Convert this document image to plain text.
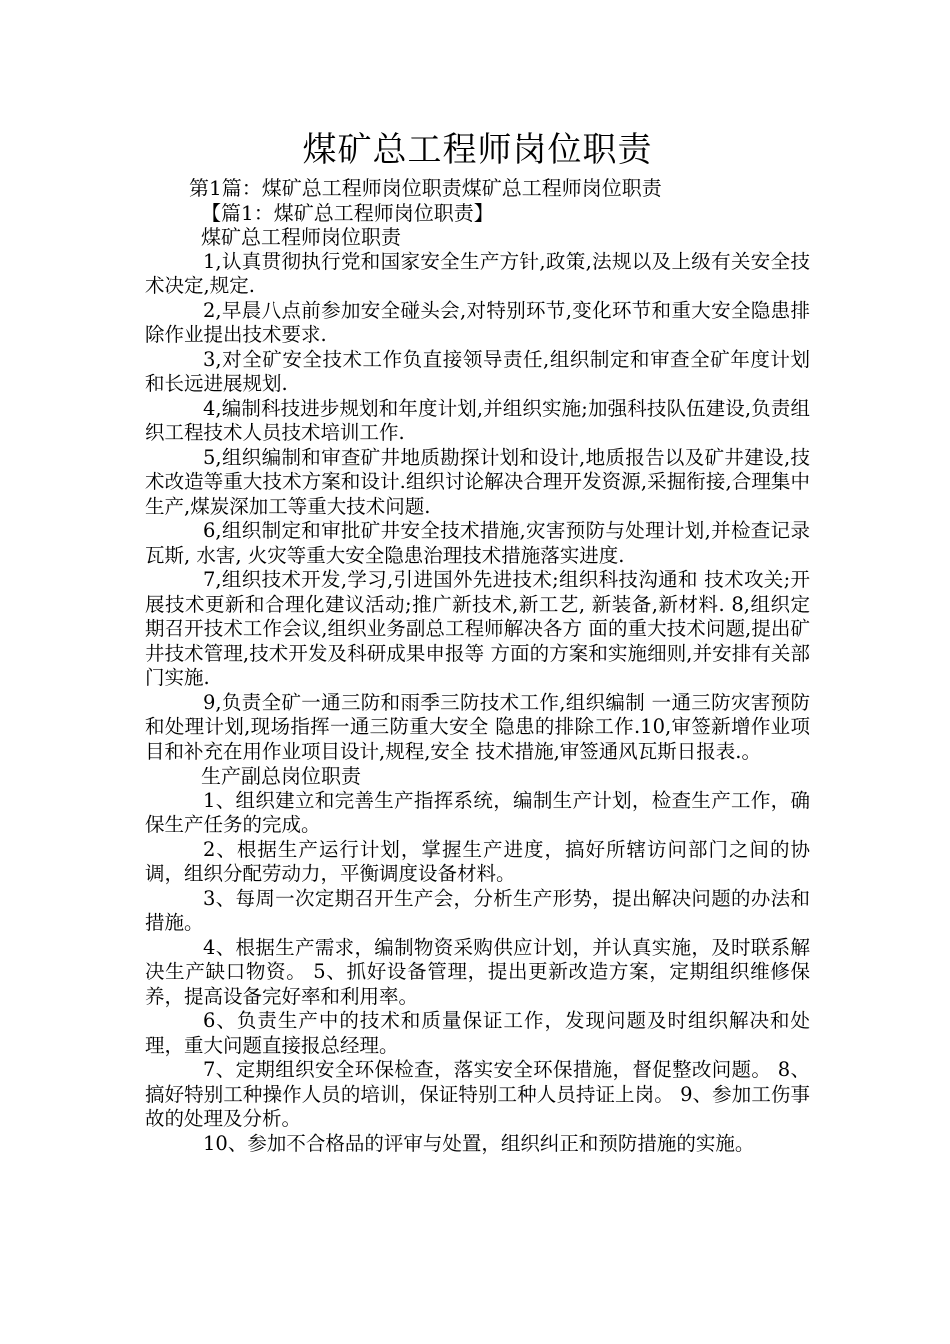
煤矿总工程师岗位职责

第1篇：煤矿总工程师岗位职责煤矿总工程师岗位职责

【篇1：煤矿总工程师岗位职责】

煤矿总工程师岗位职责

1,认真贯彻执行党和国家安全生产方针,政策,法规以及上级有关安全技术决定,规定.

2,早晨八点前参加安全碰头会,对特别环节,变化环节和重大安全隐患排除作业提出技术要求.

3,对全矿安全技术工作负直接领导责任,组织制定和审查全矿年度计划和长远进展规划.

4,编制科技进步规划和年度计划,并组织实施;加强科技队伍建设,负责组织工程技术人员技术培训工作.

5,组织编制和审查矿井地质勘探计划和设计,地质报告以及矿井建设,技术改造等重大技术方案和设计.组织讨论解决合理开发资源,采掘衔接,合理集中生产,煤炭深加工等重大技术问题.

6,组织制定和审批矿井安全技术措施,灾害预防与处理计划,并检查记录瓦斯, 水害, 火灾等重大安全隐患治理技术措施落实进度.

7,组织技术开发,学习,引进国外先进技术;组织科技沟通和 技术攻关;开展技术更新和合理化建议活动;推广新技术,新工艺, 新装备,新材料. 8,组织定期召开技术工作会议,组织业务副总工程师解决各方 面的重大技术问题,提出矿井技术管理,技术开发及科研成果申报等 方面的方案和实施细则,并安排有关部门实施.

9,负责全矿一通三防和雨季三防技术工作,组织编制 一通三防灾害预防和处理计划,现场指挥一通三防重大安全 隐患的排除工作.10,审签新增作业项目和补充在用作业项目设计,规程,安全 技术措施,审签通风瓦斯日报表.。

生产副总岗位职责

1、组织建立和完善生产指挥系统，编制生产计划，检查生产工作，确保生产任务的完成。

2、根据生产运行计划，掌握生产进度，搞好所辖访问部门之间的协调，组织分配劳动力，平衡调度设备材料。

3、每周一次定期召开生产会，分析生产形势，提出解决问题的办法和措施。

4、根据生产需求，编制物资采购供应计划，并认真实施，及时联系解决生产缺口物资。 5、抓好设备管理，提出更新改造方案，定期组织维修保养，提高设备完好率和利用率。

6、负责生产中的技术和质量保证工作，发现问题及时组织解决和处理，重大问题直接报总经理。

7、定期组织安全环保检查，落实安全环保措施，督促整改问题。 8、搞好特别工种操作人员的培训，保证特别工种人员持证上岗。 9、参加工伤事故的处理及分析。

10、参加不合格品的评审与处置，组织纠正和预防措施的实施。
